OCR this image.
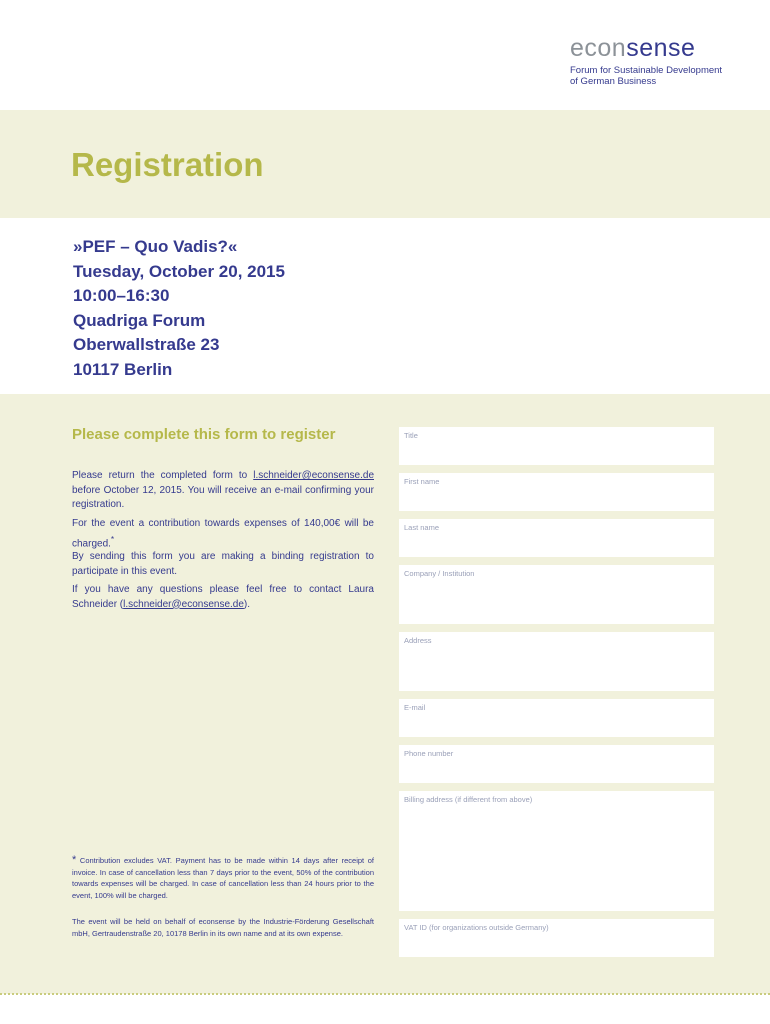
econsense
Forum for Sustainable Development
of German Business
Registration
»PEF – Quo Vadis?«
Tuesday, October 20, 2015
10:00–16:30
Quadriga Forum
Oberwallstraße 23
10117 Berlin
Please complete this form to register

Please return the completed form to l.schneider@econsense.de before October 12, 2015. You will receive an e-mail confirming your registration.

For the event a contribution towards expenses of 140,00€ will be charged.*

By sending this form you are making a binding registration to participate in this event.

If you have any questions please feel free to contact Laura Schneider (l.schneider@econsense.de).

* Contribution excludes VAT. Payment has to be made within 14 days after receipt of invoice. In case of cancellation less than 7 days prior to the event, 50% of the contribution towards expenses will be charged. In case of cancellation less than 24 hours prior to the event, 100% will be charged.

The event will be held on behalf of econsense by the Industrie-Förderung Gesellschaft mbH, Gertraudenstraße 20, 10178 Berlin in its own name and at its own expense.

Title
First name
Last name
Company / Institution
Address
E-mail
Phone number
Billing address (if different from above)
VAT ID (for organizations outside Germany)
